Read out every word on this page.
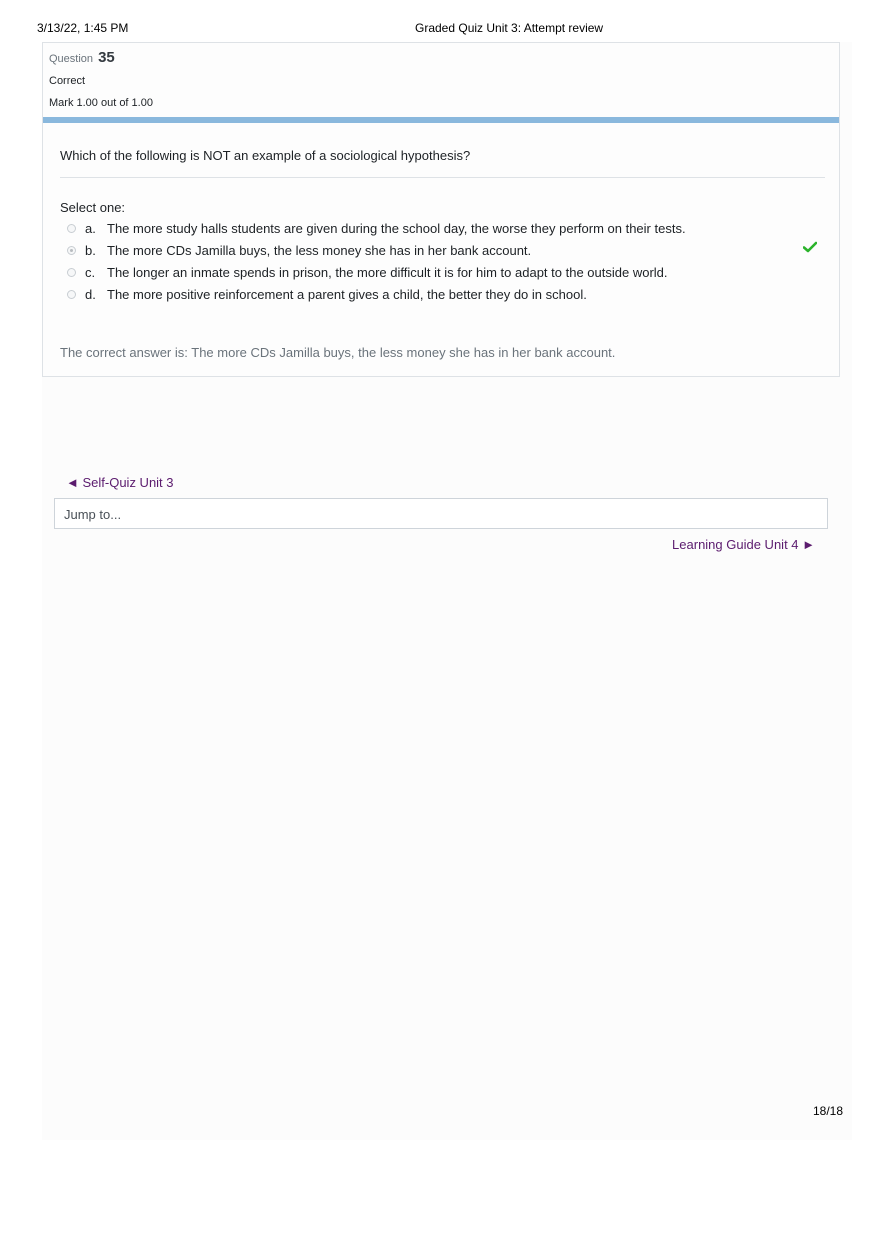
3/13/22, 1:45 PM	Graded Quiz Unit 3: Attempt review
Question 35
Correct
Mark 1.00 out of 1.00
Which of the following is NOT an example of a sociological hypothesis?
Select one:
a. The more study halls students are given during the school day, the worse they perform on their tests.
b. The more CDs Jamilla buys, the less money she has in her bank account.
c. The longer an inmate spends in prison, the more difficult it is for him to adapt to the outside world.
d. The more positive reinforcement a parent gives a child, the better they do in school.
The correct answer is: The more CDs Jamilla buys, the less money she has in her bank account.
◄ Self-Quiz Unit 3
Jump to...
Learning Guide Unit 4 ►
18/18
